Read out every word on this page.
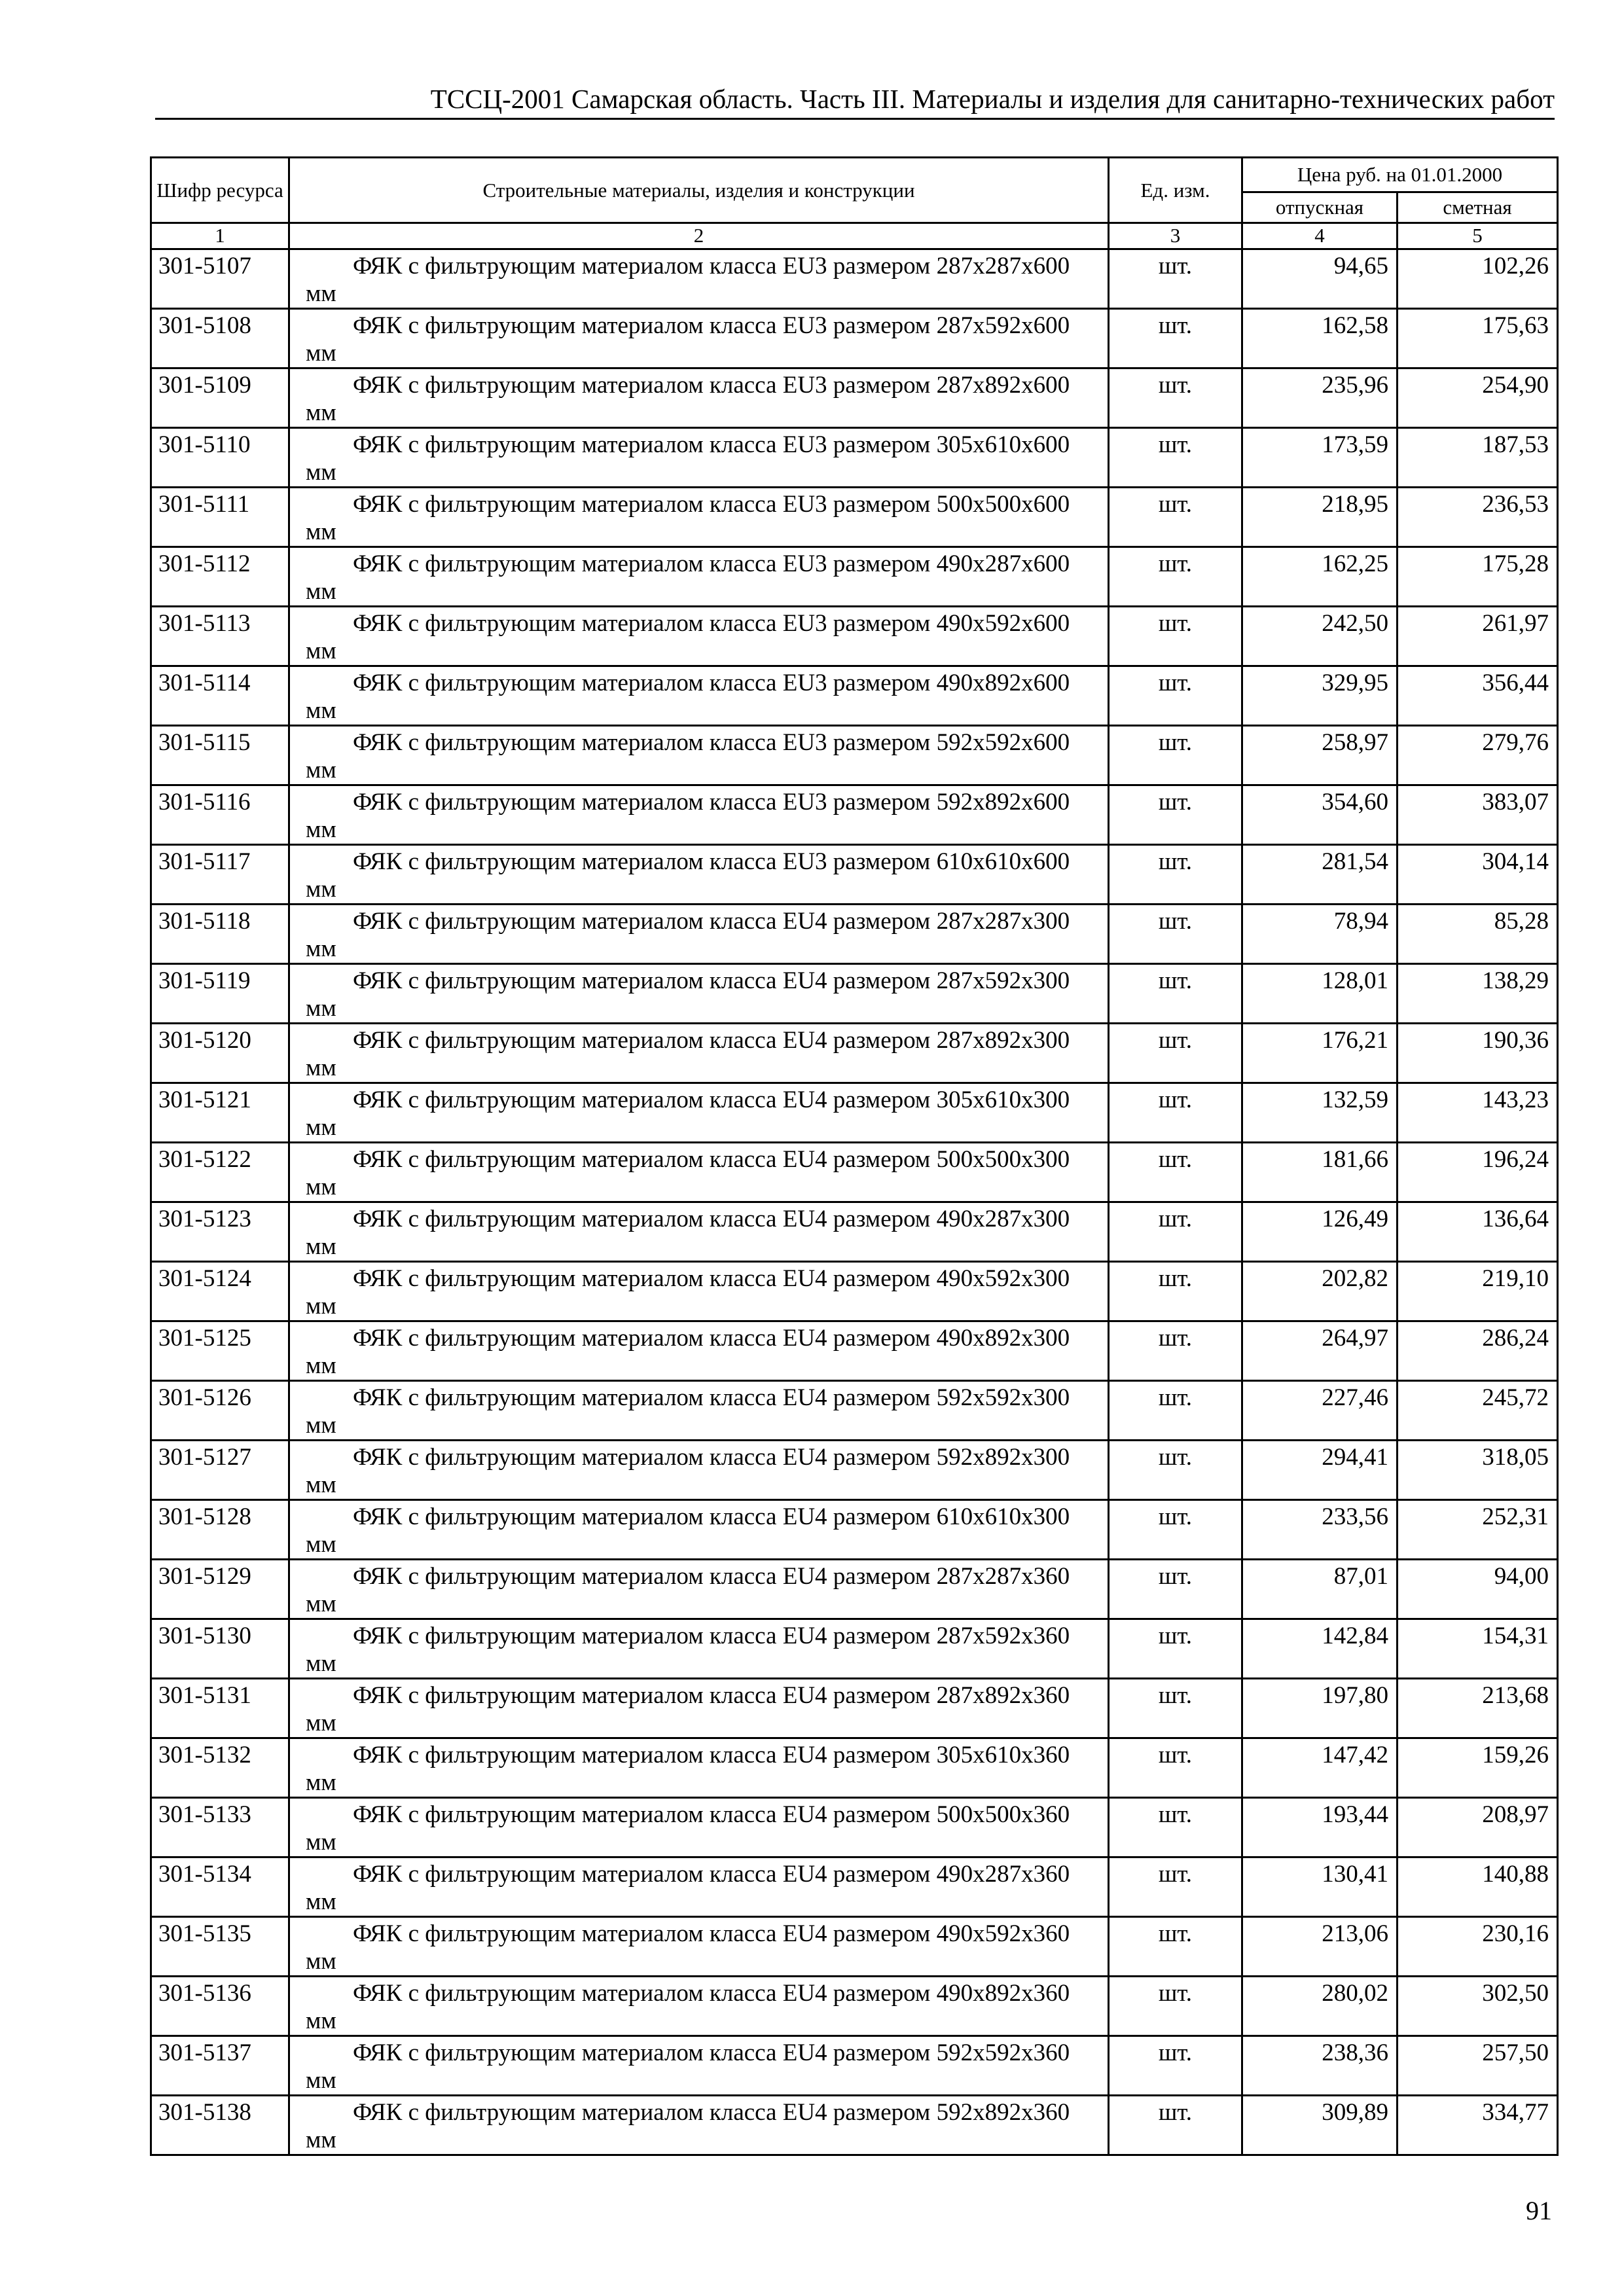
ТССЦ-2001 Самарская область. Часть III. Материалы и изделия для санитарно-технических работ
Шифр ресурса	Строительные материалы, изделия и конструкции	Ед. изм.	Цена руб. на 01.01.2000	
			отпускная	сметная
1	2	3	4	5
301-5107	ФЯК с фильтрующим материалом класса EU3 размером 287x287x600 мм	шт.	94,65	102,26
301-5108	ФЯК с фильтрующим материалом класса EU3 размером 287x592x600 мм	шт.	162,58	175,63
301-5109	ФЯК с фильтрующим материалом класса EU3 размером 287x892x600 мм	шт.	235,96	254,90
301-5110	ФЯК с фильтрующим материалом класса EU3 размером 305x610x600 мм	шт.	173,59	187,53
301-5111	ФЯК с фильтрующим материалом класса EU3 размером 500x500x600 мм	шт.	218,95	236,53
301-5112	ФЯК с фильтрующим материалом класса EU3 размером 490x287x600 мм	шт.	162,25	175,28
301-5113	ФЯК с фильтрующим материалом класса EU3 размером 490x592x600 мм	шт.	242,50	261,97
301-5114	ФЯК с фильтрующим материалом класса EU3 размером 490x892x600 мм	шт.	329,95	356,44
301-5115	ФЯК с фильтрующим материалом класса EU3 размером 592x592x600 мм	шт.	258,97	279,76
301-5116	ФЯК с фильтрующим материалом класса EU3 размером 592x892x600 мм	шт.	354,60	383,07
301-5117	ФЯК с фильтрующим материалом класса EU3 размером 610x610x600 мм	шт.	281,54	304,14
301-5118	ФЯК с фильтрующим материалом класса EU4 размером 287x287x300 мм	шт.	78,94	85,28
301-5119	ФЯК с фильтрующим материалом класса EU4 размером 287x592x300 мм	шт.	128,01	138,29
301-5120	ФЯК с фильтрующим материалом класса EU4 размером 287x892x300 мм	шт.	176,21	190,36
301-5121	ФЯК с фильтрующим материалом класса EU4 размером 305x610x300 мм	шт.	132,59	143,23
301-5122	ФЯК с фильтрующим материалом класса EU4 размером 500x500x300 мм	шт.	181,66	196,24
301-5123	ФЯК с фильтрующим материалом класса EU4 размером 490x287x300 мм	шт.	126,49	136,64
301-5124	ФЯК с фильтрующим материалом класса EU4 размером 490x592x300 мм	шт.	202,82	219,10
301-5125	ФЯК с фильтрующим материалом класса EU4 размером 490x892x300 мм	шт.	264,97	286,24
301-5126	ФЯК с фильтрующим материалом класса EU4 размером 592x592x300 мм	шт.	227,46	245,72
301-5127	ФЯК с фильтрующим материалом класса EU4 размером 592x892x300 мм	шт.	294,41	318,05
301-5128	ФЯК с фильтрующим материалом класса EU4 размером 610x610x300 мм	шт.	233,56	252,31
301-5129	ФЯК с фильтрующим материалом класса EU4 размером 287x287x360 мм	шт.	87,01	94,00
301-5130	ФЯК с фильтрующим материалом класса EU4 размером 287x592x360 мм	шт.	142,84	154,31
301-5131	ФЯК с фильтрующим материалом класса EU4 размером 287x892x360 мм	шт.	197,80	213,68
301-5132	ФЯК с фильтрующим материалом класса EU4 размером 305x610x360 мм	шт.	147,42	159,26
301-5133	ФЯК с фильтрующим материалом класса EU4 размером 500x500x360 мм	шт.	193,44	208,97
301-5134	ФЯК с фильтрующим материалом класса EU4 размером 490x287x360 мм	шт.	130,41	140,88
301-5135	ФЯК с фильтрующим материалом класса EU4 размером 490x592x360 мм	шт.	213,06	230,16
301-5136	ФЯК с фильтрующим материалом класса EU4 размером 490x892x360 мм	шт.	280,02	302,50
301-5137	ФЯК с фильтрующим материалом класса EU4 размером 592x592x360 мм	шт.	238,36	257,50
301-5138	ФЯК с фильтрующим материалом класса EU4 размером 592x892x360 мм	шт.	309,89	334,77
91
